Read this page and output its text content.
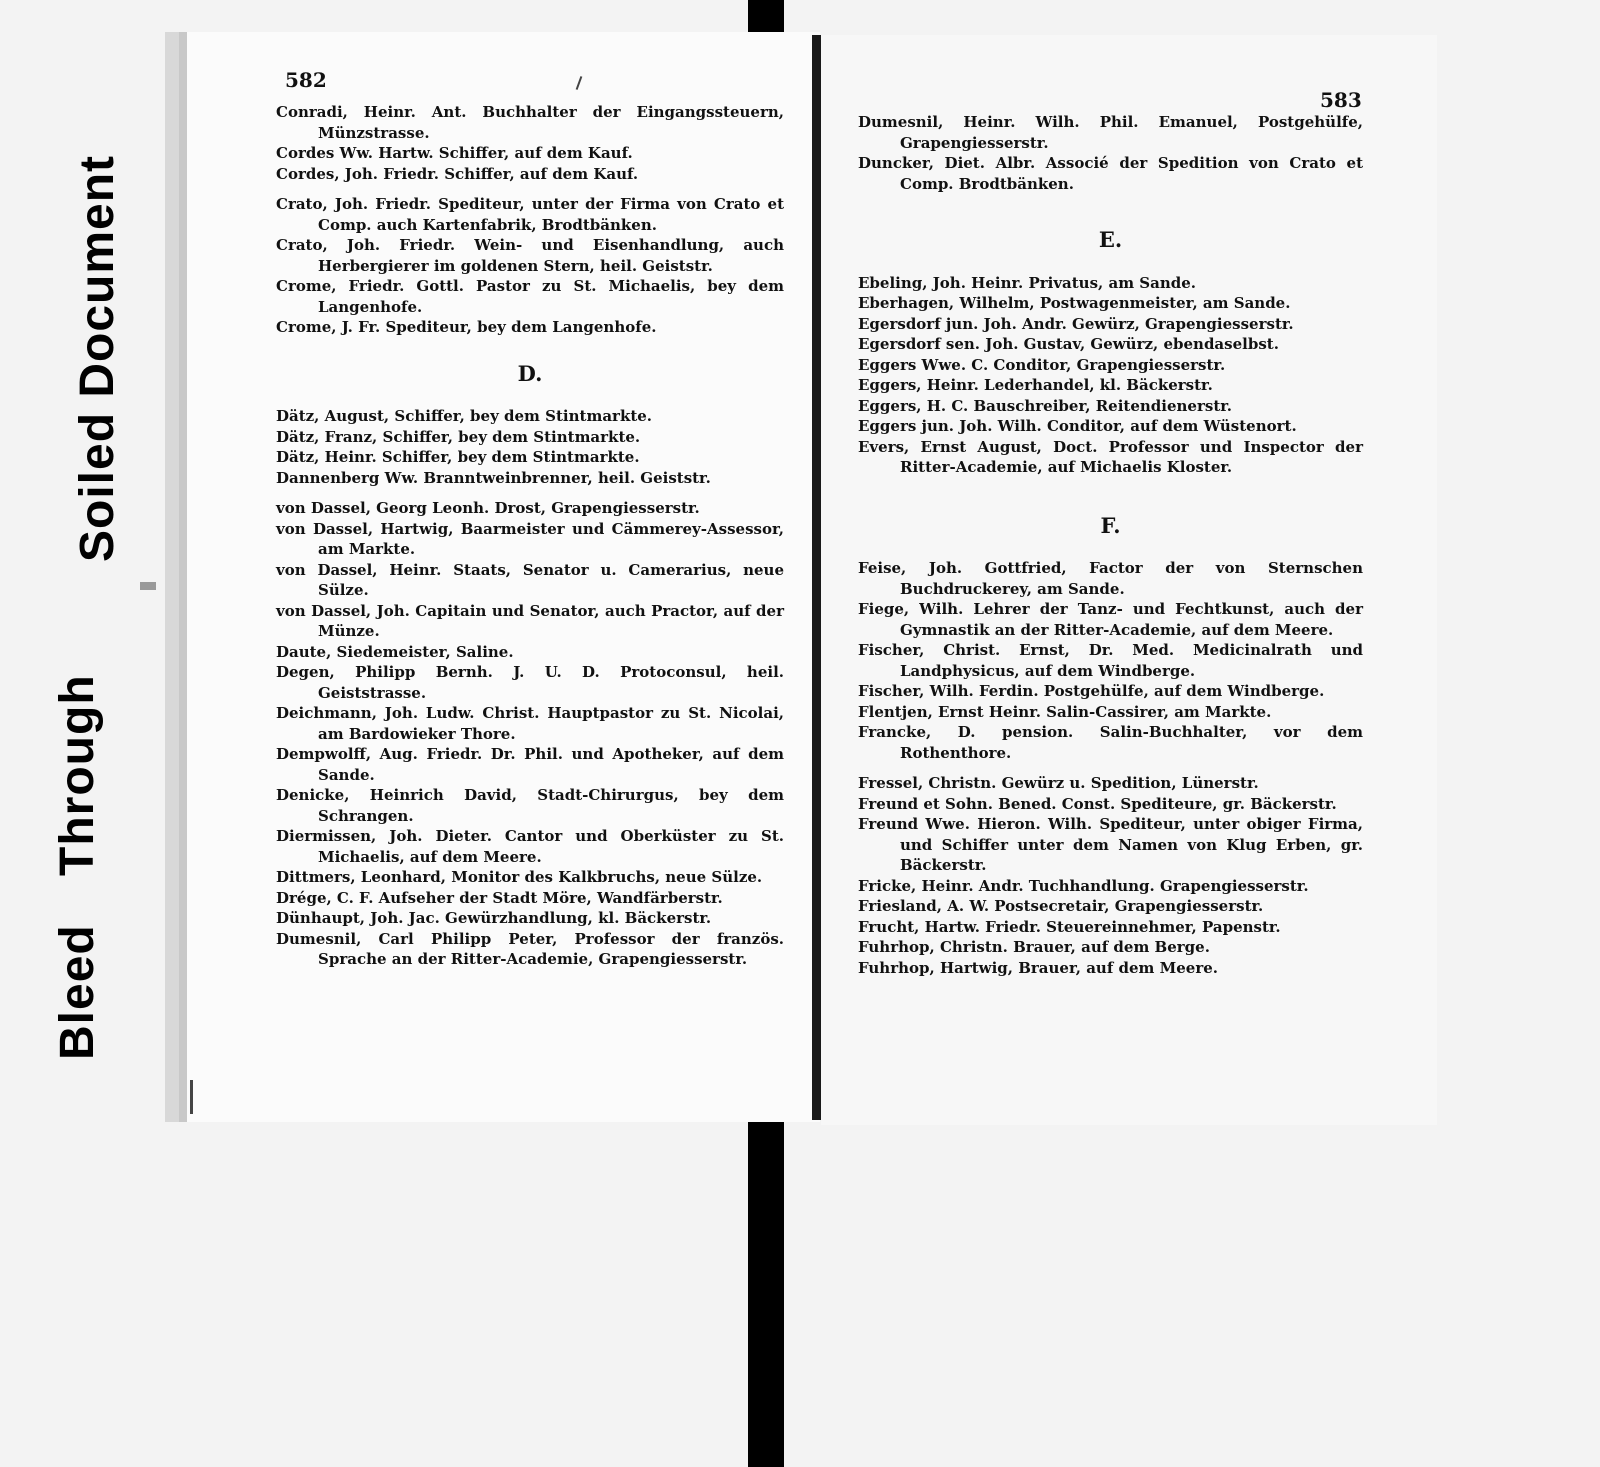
Soiled Document
Bleed Through
582
583
Conradi, Heinr. Ant. Buchhalter der Eingangssteuern, Münzstrasse.
Cordes Ww. Hartw. Schiffer, auf dem Kauf.
Cordes, Joh. Friedr. Schiffer, auf dem Kauf.
Crato, Joh. Friedr. Spediteur, unter der Firma von Crato et Comp. auch Kartenfabrik, Brodtbänken.
Crato, Joh. Friedr. Wein- und Eisenhandlung, auch Herbergierer im goldenen Stern, heil. Geiststr.
Crome, Friedr. Gottl. Pastor zu St. Michaelis, bey dem Langenhofe.
Crome, J. Fr. Spediteur, bey dem Langenhofe.
D.
Dätz, August, Schiffer, bey dem Stintmarkte.
Dätz, Franz, Schiffer, bey dem Stintmarkte.
Dätz, Heinr. Schiffer, bey dem Stintmarkte.
Dannenberg Ww. Branntweinbrenner, heil. Geiststr.
von Dassel, Georg Leonh. Drost, Grapengiesserstr.
von Dassel, Hartwig, Baarmeister und Cämmerey-Assessor, am Markte.
von Dassel, Heinr. Staats, Senator u. Camerarius, neue Sülze.
von Dassel, Joh. Capitain und Senator, auch Practor, auf der Münze.
Daute, Siedemeister, Saline.
Degen, Philipp Bernh. J. U. D. Protoconsul, heil. Geiststrasse.
Deichmann, Joh. Ludw. Christ. Hauptpastor zu St. Nicolai, am Bardowieker Thore.
Dempwolff, Aug. Friedr. Dr. Phil. und Apotheker, auf dem Sande.
Denicke, Heinrich David, Stadt-Chirurgus, bey dem Schrangen.
Diermissen, Joh. Dieter. Cantor und Oberküster zu St. Michaelis, auf dem Meere.
Dittmers, Leonhard, Monitor des Kalkbruchs, neue Sülze.
Drége, C. F. Aufseher der Stadt Möre, Wandfärberstr.
Dünhaupt, Joh. Jac. Gewürzhandlung, kl. Bäckerstr.
Dumesnil, Carl Philipp Peter, Professor der französ. Sprache an der Ritter-Academie, Grapengiesserstr.
Dumesnil, Heinr. Wilh. Phil. Emanuel, Postgehülfe, Grapengiesserstr.
Duncker, Diet. Albr. Associé der Spedition von Crato et Comp. Brodtbänken.
E.
Ebeling, Joh. Heinr. Privatus, am Sande.
Eberhagen, Wilhelm, Postwagenmeister, am Sande.
Egersdorf jun. Joh. Andr. Gewürz, Grapengiesserstr.
Egersdorf sen. Joh. Gustav, Gewürz, ebendaselbst.
Eggers Wwe. C. Conditor, Grapengiesserstr.
Eggers, Heinr. Lederhandel, kl. Bäckerstr.
Eggers, H. C. Bauschreiber, Reitendienerstr.
Eggers jun. Joh. Wilh. Conditor, auf dem Wüstenort.
Evers, Ernst August, Doct. Professor und Inspector der Ritter-Academie, auf Michaelis Kloster.
F.
Feise, Joh. Gottfried, Factor der von Sternschen Buchdruckerey, am Sande.
Fiege, Wilh. Lehrer der Tanz- und Fechtkunst, auch der Gymnastik an der Ritter-Academie, auf dem Meere.
Fischer, Christ. Ernst, Dr. Med. Medicinalrath und Landphysicus, auf dem Windberge.
Fischer, Wilh. Ferdin. Postgehülfe, auf dem Windberge.
Flentjen, Ernst Heinr. Salin-Cassirer, am Markte.
Francke, D. pension. Salin-Buchhalter, vor dem Rothenthore.
Fressel, Christn. Gewürz u. Spedition, Lünerstr.
Freund et Sohn. Bened. Const. Spediteure, gr. Bäckerstr.
Freund Wwe. Hieron. Wilh. Spediteur, unter obiger Firma, und Schiffer unter dem Namen von Klug Erben, gr. Bäckerstr.
Fricke, Heinr. Andr. Tuchhandlung. Grapengiesserstr.
Friesland, A. W. Postsecretair, Grapengiesserstr.
Frucht, Hartw. Friedr. Steuereinnehmer, Papenstr.
Fuhrhop, Christn. Brauer, auf dem Berge.
Fuhrhop, Hartwig, Brauer, auf dem Meere.
